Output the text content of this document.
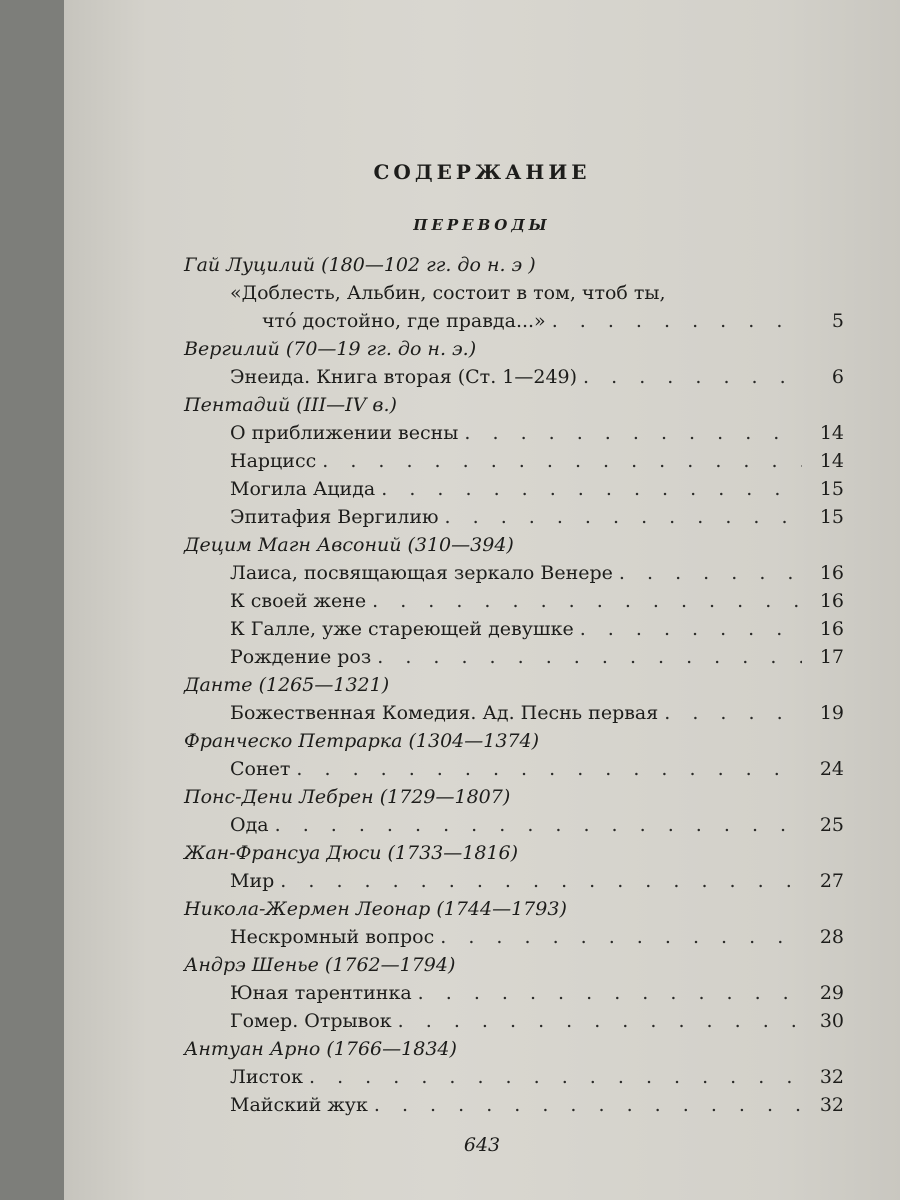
СОДЕРЖАНИЕ
ПЕРЕВОДЫ
Гай Луцилий (180—102 гг. до н. э )
«Доблесть, Альбин, состоит в том, чтоб ты,
что́ достойно, где правда...» . . .	5
Вергилий (70—19 гг. до н. э.)
Энеида. Книга вторая (Ст. 1—249) . . .	6
Пентадий (III—IV в.)
О приближении весны . . .	14
Нарцисс . . .	14
Могила Ацида . . .	15
Эпитафия Вергилию . . .	15
Децим Магн Авсоний (310—394)
Лаиса, посвящающая зеркало Венере . . .	16
К своей жене . . .	16
К Галле, уже стареющей девушке . . .	16
Рождение роз . . .	17
Данте (1265—1321)
Божественная Комедия. Ад. Песнь первая . . .	19
Франческо Петрарка (1304—1374)
Сонет . . .	24
Понс-Дени Лебрен (1729—1807)
Ода . . .	25
Жан-Франсуа Дюси (1733—1816)
Мир . . .	27
Никола-Жермен Леонар (1744—1793)
Нескромный вопрос . . .	28
Андрэ Шенье (1762—1794)
Юная тарентинка . . .	29
Гомер. Отрывок . . .	30
Антуан Арно (1766—1834)
Листок . . .	32
Майский жук . . .	32
643
